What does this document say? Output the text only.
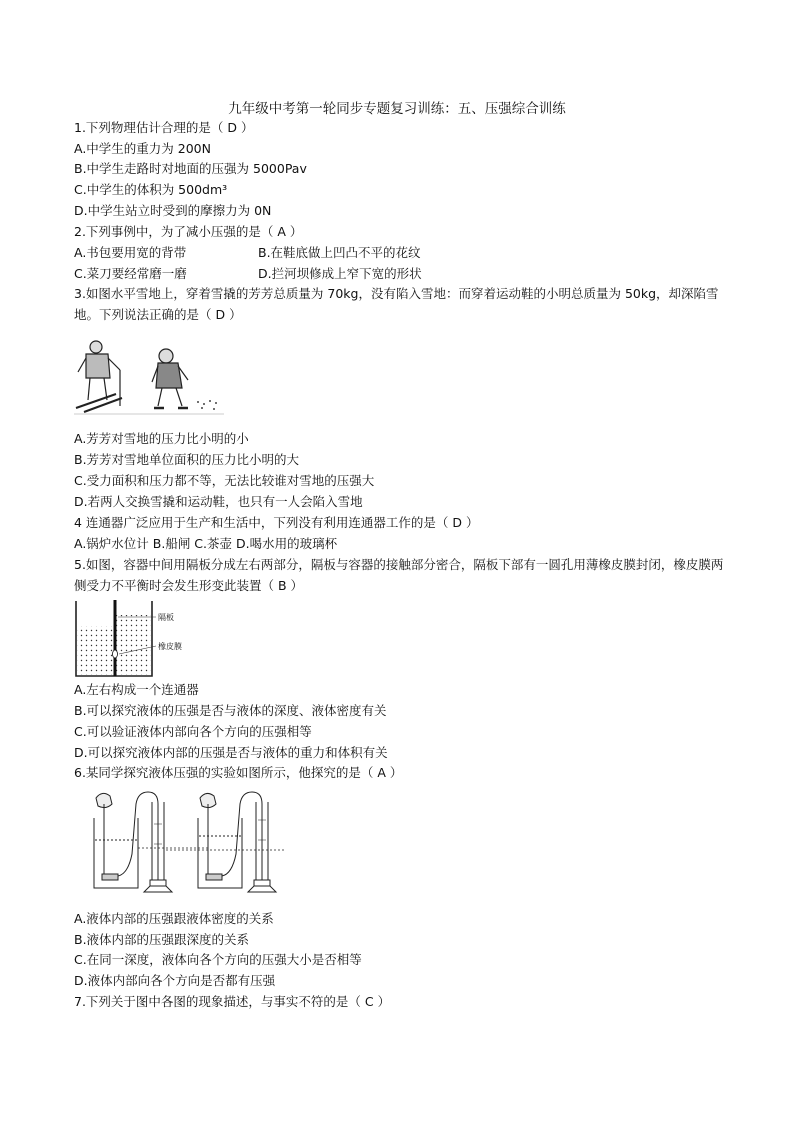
九年级中考第一轮同步专题复习训练：五、压强综合训练
1.下列物理估计合理的是（ D ）
A.中学生的重力为 200N
B.中学生走路时对地面的压强为 5000Pav
C.中学生的体积为 500dm³
D.中学生站立时受到的摩擦力为 0N
2.下列事例中，为了减小压强的是（ A ）
A.书包要用宽的背带	B.在鞋底做上凹凸不平的花纹
C.菜刀要经常磨一磨	D.拦河坝修成上窄下宽的形状
3.如图水平雪地上，穿着雪撬的芳芳总质量为 70kg，没有陷入雪地：而穿着运动鞋的小明总质量为 50kg，却深陷雪地。下列说法正确的是（ D ）
A.芳芳对雪地的压力比小明的小
B.芳芳对雪地单位面积的压力比小明的大
C.受力面积和压力都不等，无法比较谁对雪地的压强大
D.若两人交换雪撬和运动鞋，也只有一人会陷入雪地
4 连通器广泛应用于生产和生活中，下列没有利用连通器工作的是（ D ）
A.锅炉水位计 B.船闸 C.茶壶 D.喝水用的玻璃杯
5.如图，容器中间用隔板分成左右两部分，隔板与容器的接触部分密合，隔板下部有一圆孔用薄橡皮膜封闭，橡皮膜两侧受力不平衡时会发生形变此装置（ B ）
隔板
橡皮膜
A.左右构成一个连通器
B.可以探究液体的压强是否与液体的深度、液体密度有关
C.可以验证液体内部向各个方向的压强相等
D.可以探究液体内部的压强是否与液体的重力和体积有关
6.某同学探究液体压强的实验如图所示，他探究的是（ A ）
A.液体内部的压强跟液体密度的关系
B.液体内部的压强跟深度的关系
C.在同一深度，液体向各个方向的压强大小是否相等
D.液体内部向各个方向是否都有压强
7.下列关于图中各图的现象描述，与事实不符的是（ C ）
